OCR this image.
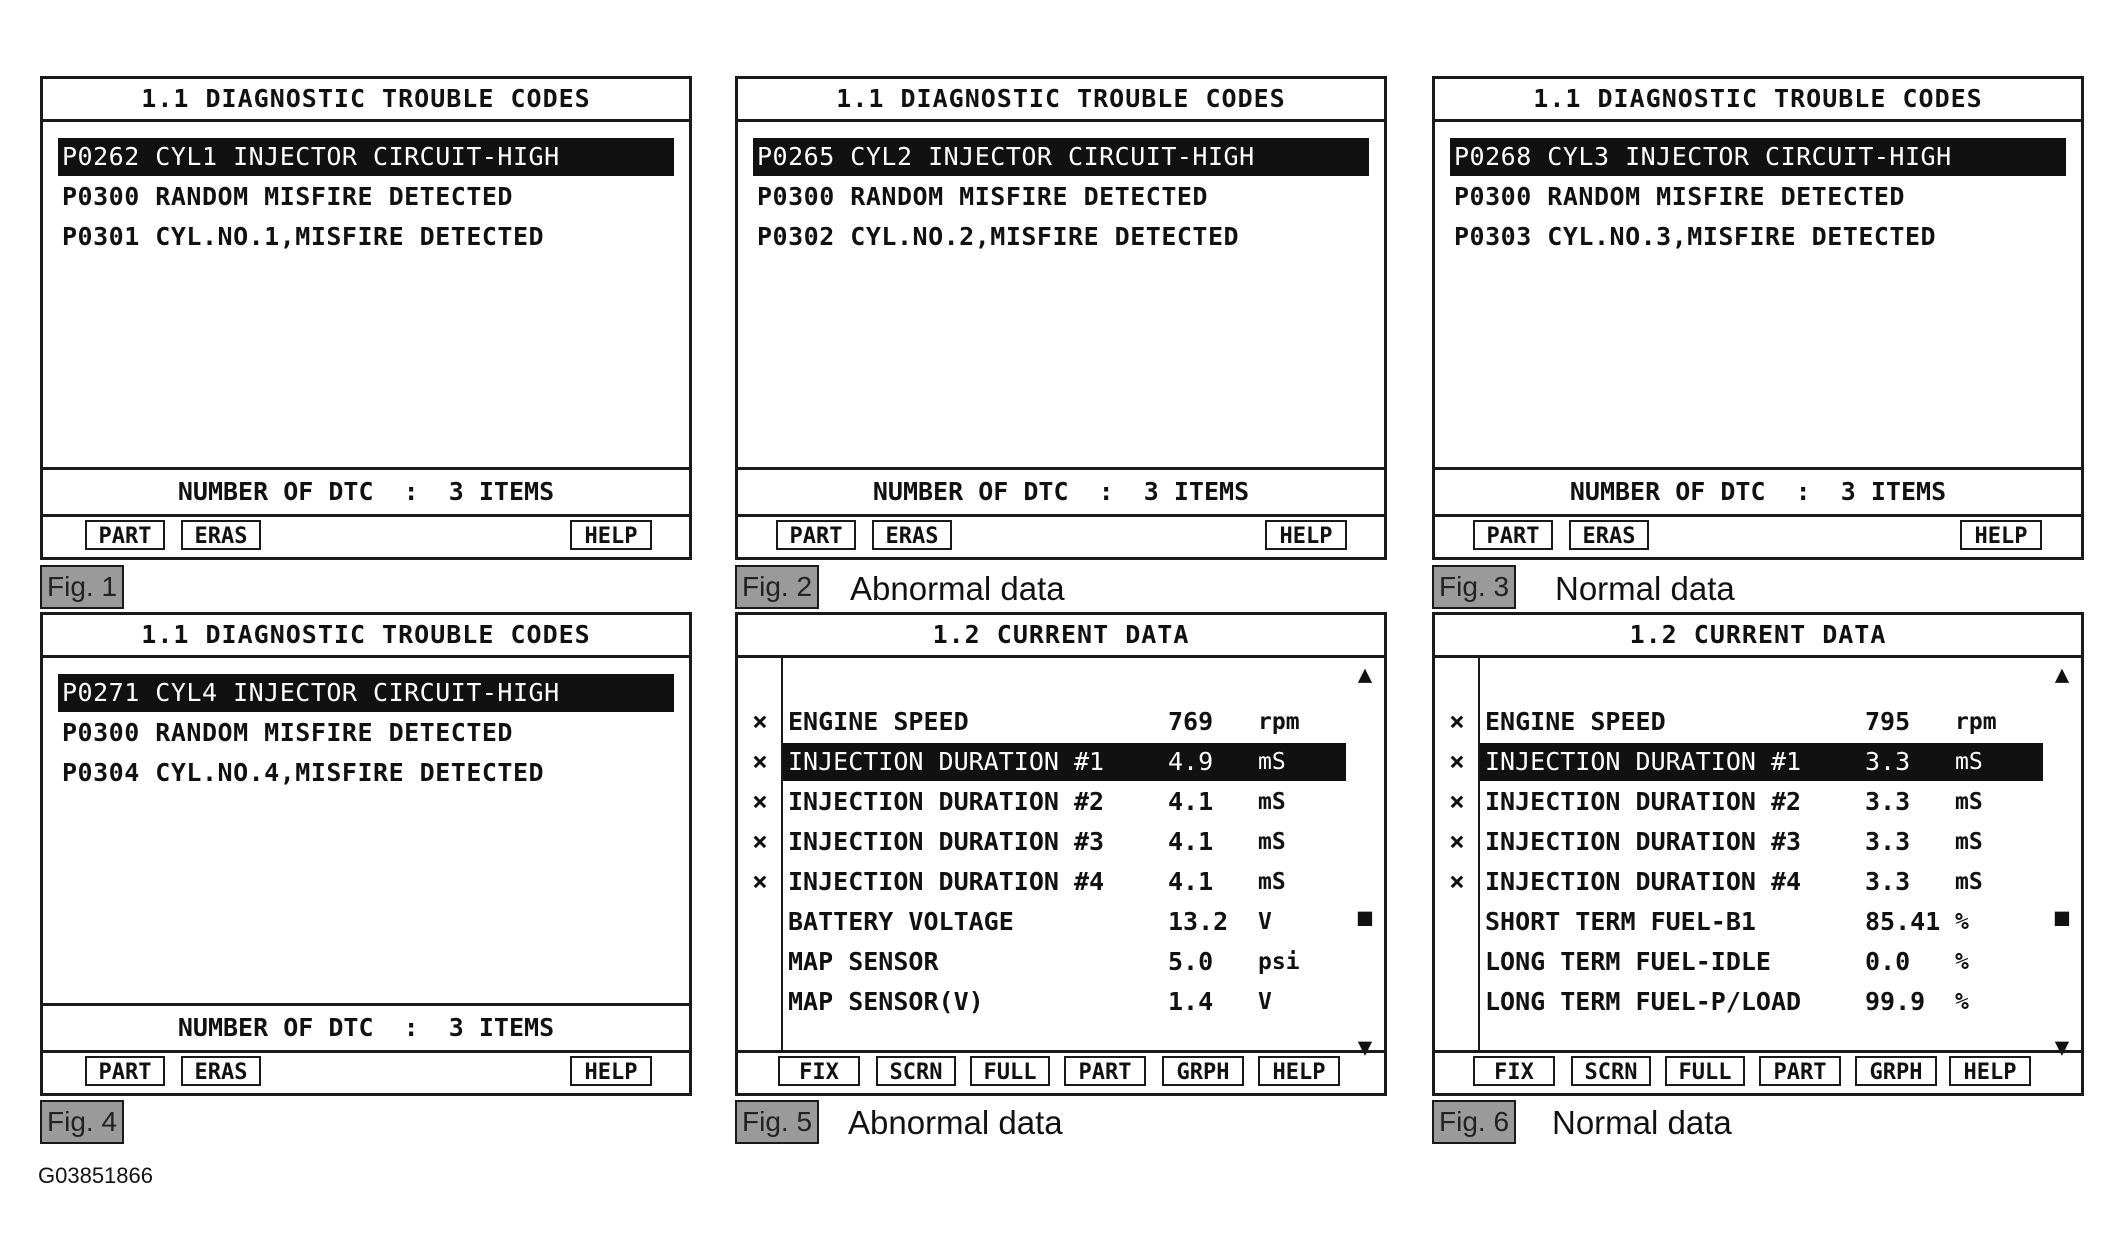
1.1 DIAGNOSTIC TROUBLE CODES
P0262 CYL1 INJECTOR CIRCUIT-HIGH
P0300 RANDOM MISFIRE DETECTED
P0301 CYL.NO.1,MISFIRE DETECTED
NUMBER OF DTC  :  3 ITEMS
PART	ERAS	HELP
Fig. 1
1.1 DIAGNOSTIC TROUBLE CODES
P0265 CYL2 INJECTOR CIRCUIT-HIGH
P0300 RANDOM MISFIRE DETECTED
P0302 CYL.NO.2,MISFIRE DETECTED
NUMBER OF DTC  :  3 ITEMS
PART	ERAS	HELP
Fig. 2 Abnormal data
1.1 DIAGNOSTIC TROUBLE CODES
P0268 CYL3 INJECTOR CIRCUIT-HIGH
P0300 RANDOM MISFIRE DETECTED
P0303 CYL.NO.3,MISFIRE DETECTED
NUMBER OF DTC  :  3 ITEMS
PART	ERAS	HELP
Fig. 3 Normal data
1.1 DIAGNOSTIC TROUBLE CODES
P0271 CYL4 INJECTOR CIRCUIT-HIGH
P0300 RANDOM MISFIRE DETECTED
P0304 CYL.NO.4,MISFIRE DETECTED
NUMBER OF DTC  :  3 ITEMS
PART	ERAS	HELP
Fig. 4
1.2 CURRENT DATA
× ENGINE SPEED	769 rpm
× INJECTION DURATION #1	4.9 mS
× INJECTION DURATION #2	4.1 mS
× INJECTION DURATION #3	4.1 mS
× INJECTION DURATION #4	4.1 mS
BATTERY VOLTAGE	13.2 V
MAP SENSOR	5.0 psi
MAP SENSOR(V)	1.4 V
▲
■
▼
FIX	SCRN	FULL	PART	GRPH	HELP
Fig. 5 Abnormal data
1.2 CURRENT DATA
× ENGINE SPEED	795 rpm
× INJECTION DURATION #1	3.3 mS
× INJECTION DURATION #2	3.3 mS
× INJECTION DURATION #3	3.3 mS
× INJECTION DURATION #4	3.3 mS
SHORT TERM FUEL-B1	85.41 %
LONG TERM FUEL-IDLE	0.0 %
LONG TERM FUEL-P/LOAD	99.9 %
▲
■
▼
FIX	SCRN	FULL	PART	GRPH	HELP
Fig. 6 Normal data
G03851866
